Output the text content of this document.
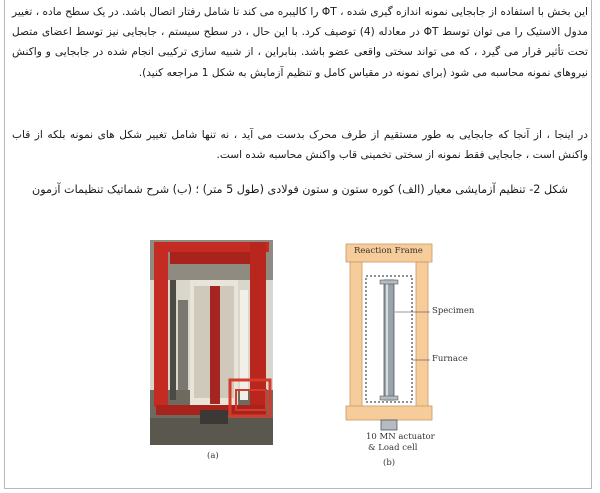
این بخش با استفاده از جابجایی نمونه اندازه گیری شده ، ΦT را کالیبره می کند تا شامل رفتار اتصال باشد. در یک سطح ماده ، تغییر مدول الاستیک را می توان توسط ΦT در معادله (4) توصیف کرد. با این حال ، در سطح سیستم ، جابجایی نیز توسط اعضای متصل تحت تأثیر قرار می گیرد ، که می تواند سختی واقعی عضو باشد. بنابراین ، از شبیه سازی ترکیبی انجام شده در جابجایی و واکنش نیروهای نمونه محاسبه می شود (برای نمونه در مقیاس کامل و تنظیم آزمایش به شکل 1 مراجعه کنید).

در اینجا ، از آنجا که جابجایی به طور مستقیم از طرف محرک بدست می آید ، نه تنها شامل تغییر شکل های نمونه بلکه از قاب واکنش است ، جابجایی فقط نمونه از سختی تخمینی قاب واکنش محاسبه شده است.

شکل 2- تنظیم آزمایشی معیار (الف) کوره ستون و ستون فولادی (طول 5 متر) ؛ (ب) شرح شماتیک تنظیمات آزمون

(a)
Reaction Frame
Specimen
Furnace
10 MN actuator
& Load cell
(b)
